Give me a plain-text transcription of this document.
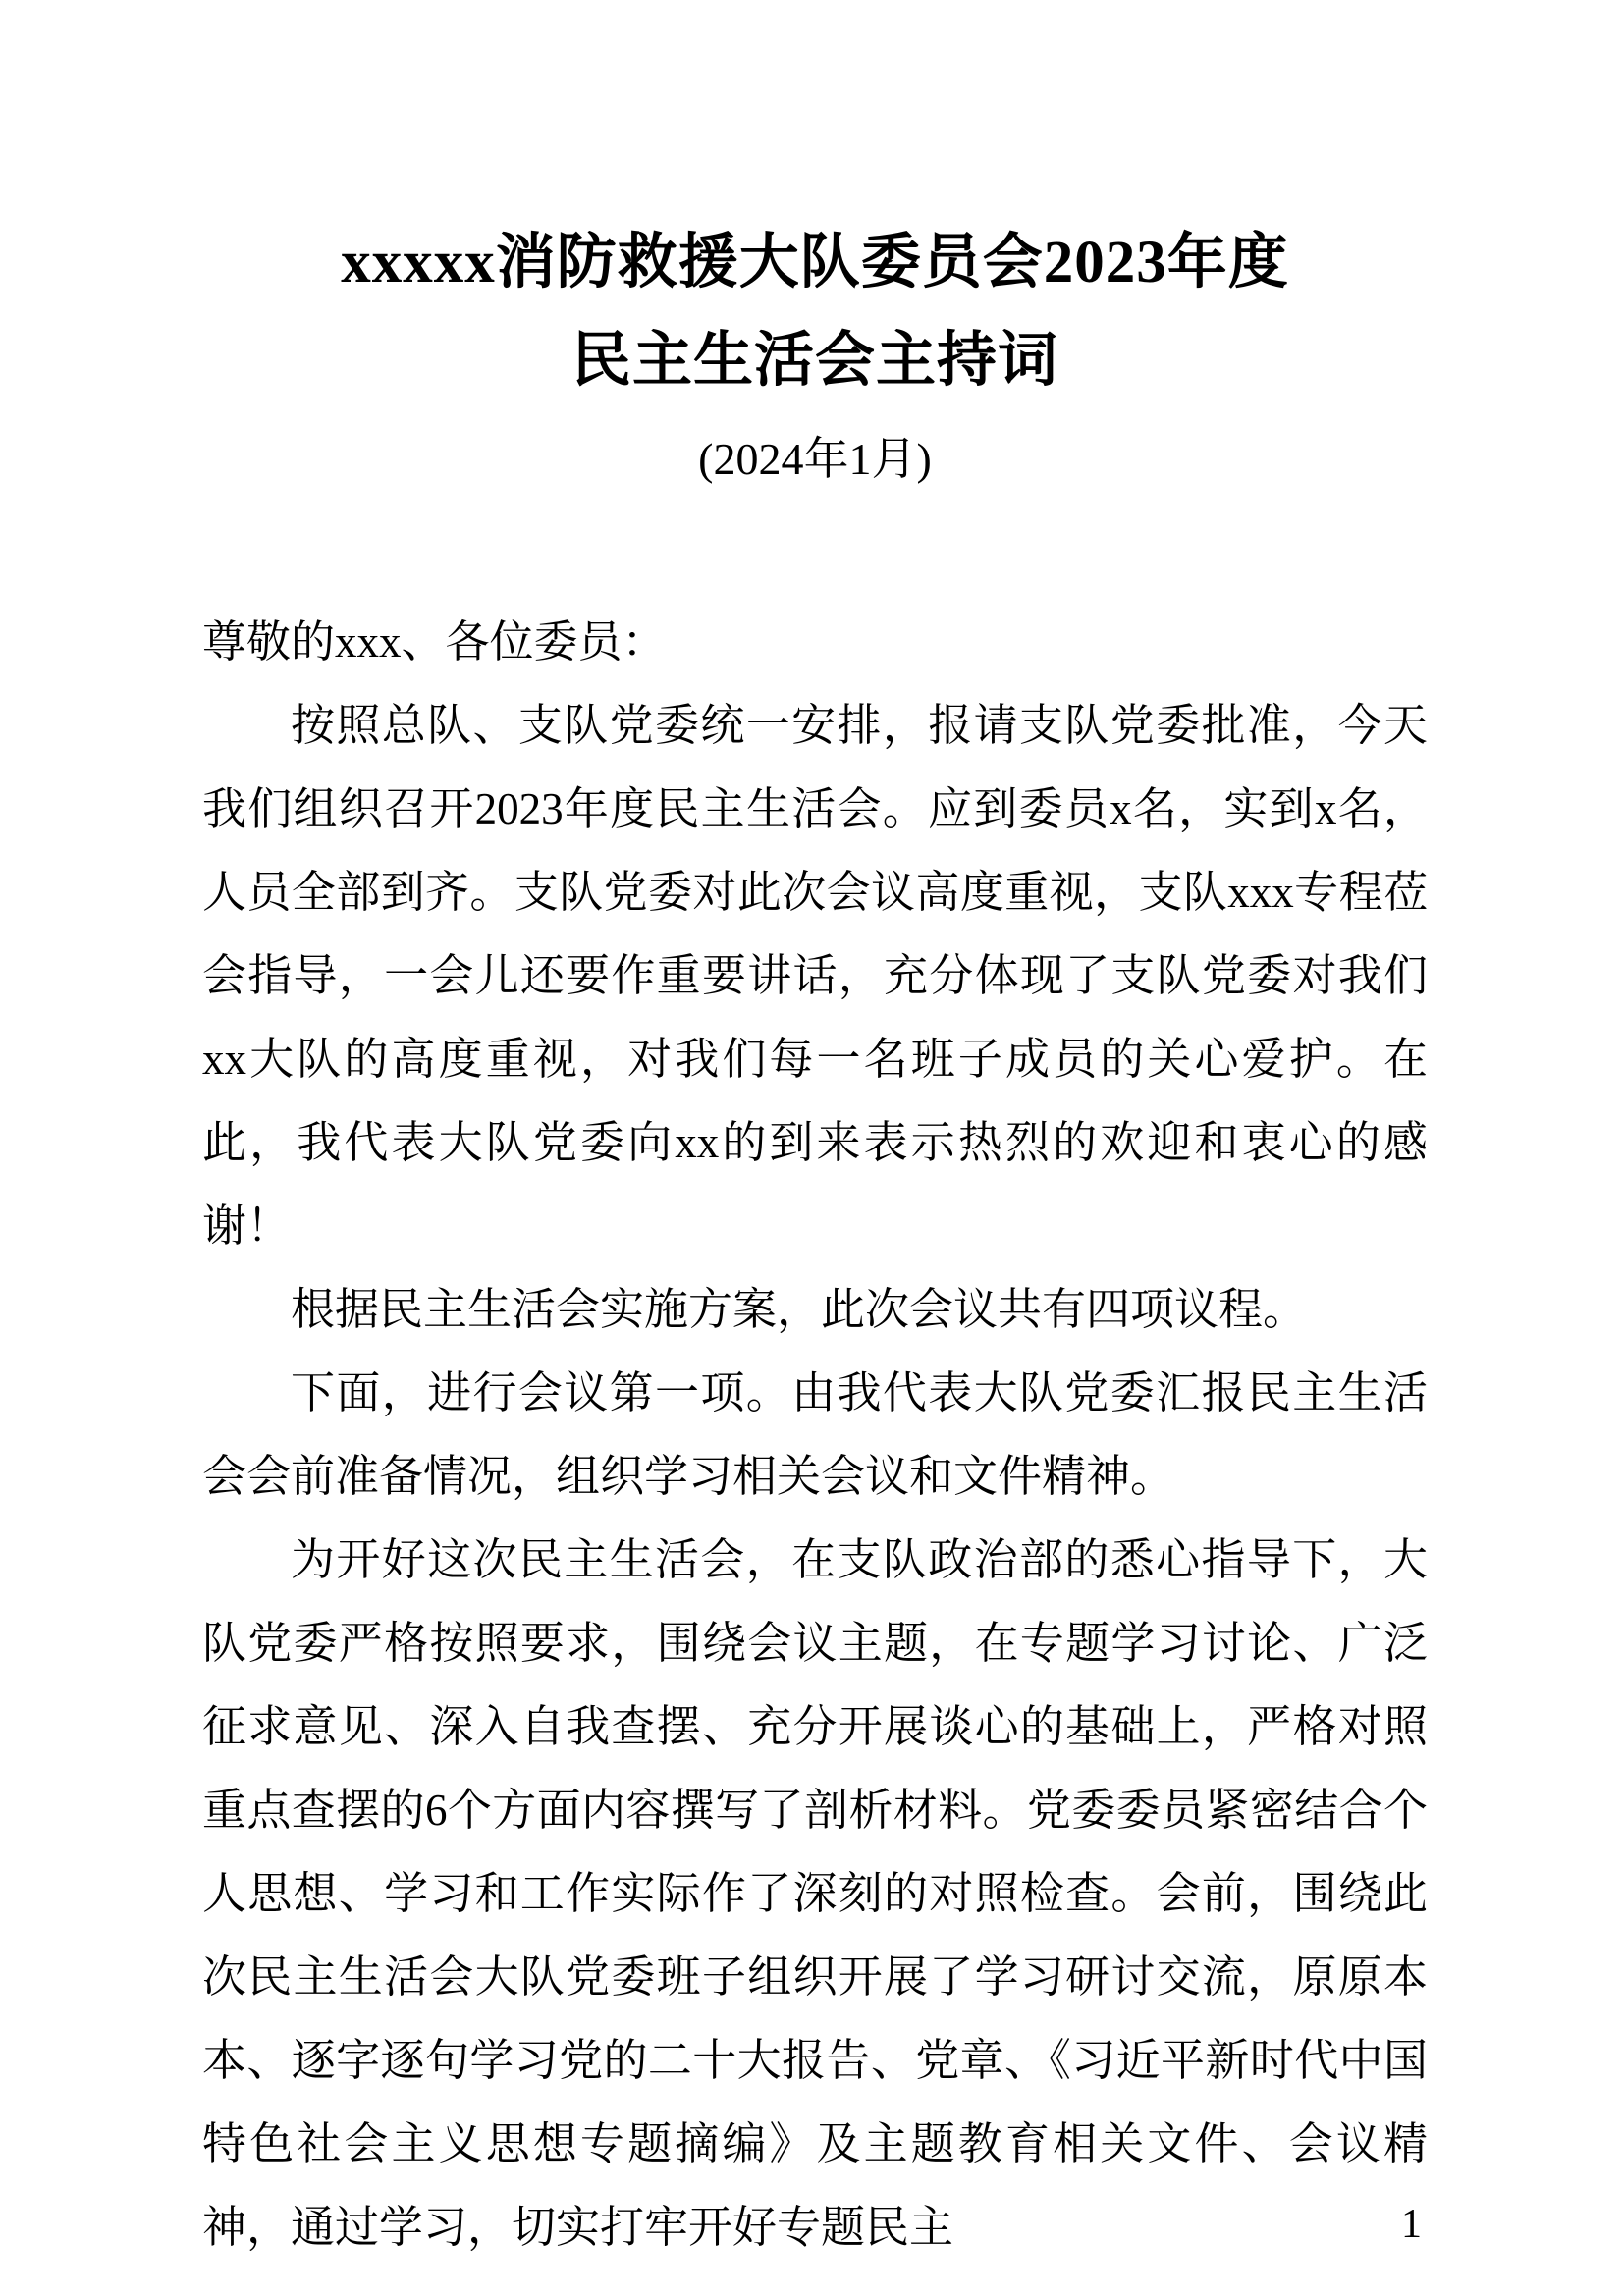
xxxxx消防救援大队委员会2023年度
民主生活会主持词
(2024年1月)

尊敬的xxx、各位委员：

按照总队、支队党委统一安排，报请支队党委批准，今天我们组织召开2023年度民主生活会。应到委员x名，实到x名，人员全部到齐。支队党委对此次会议高度重视，支队xxx专程莅会指导，一会儿还要作重要讲话，充分体现了支队党委对我们xx大队的高度重视，对我们每一名班子成员的关心爱护。在此，我代表大队党委向xx的到来表示热烈的欢迎和衷心的感谢！

根据民主生活会实施方案，此次会议共有四项议程。

下面，进行会议第一项。由我代表大队党委汇报民主生活会会前准备情况，组织学习相关会议和文件精神。

为开好这次民主生活会，在支队政治部的悉心指导下，大队党委严格按照要求，围绕会议主题，在专题学习讨论、广泛征求意见、深入自我查摆、充分开展谈心的基础上，严格对照重点查摆的6个方面内容撰写了剖析材料。党委委员紧密结合个人思想、学习和工作实际作了深刻的对照检查。会前，围绕此次民主生活会大队党委班子组织开展了学习研讨交流，原原本本、逐字逐句学习党的二十大报告、党章、《习近平新时代中国特色社会主义思想专题摘编》及主题教育相关文件、会议精神，通过学习，切实打牢开好专题民主	1
